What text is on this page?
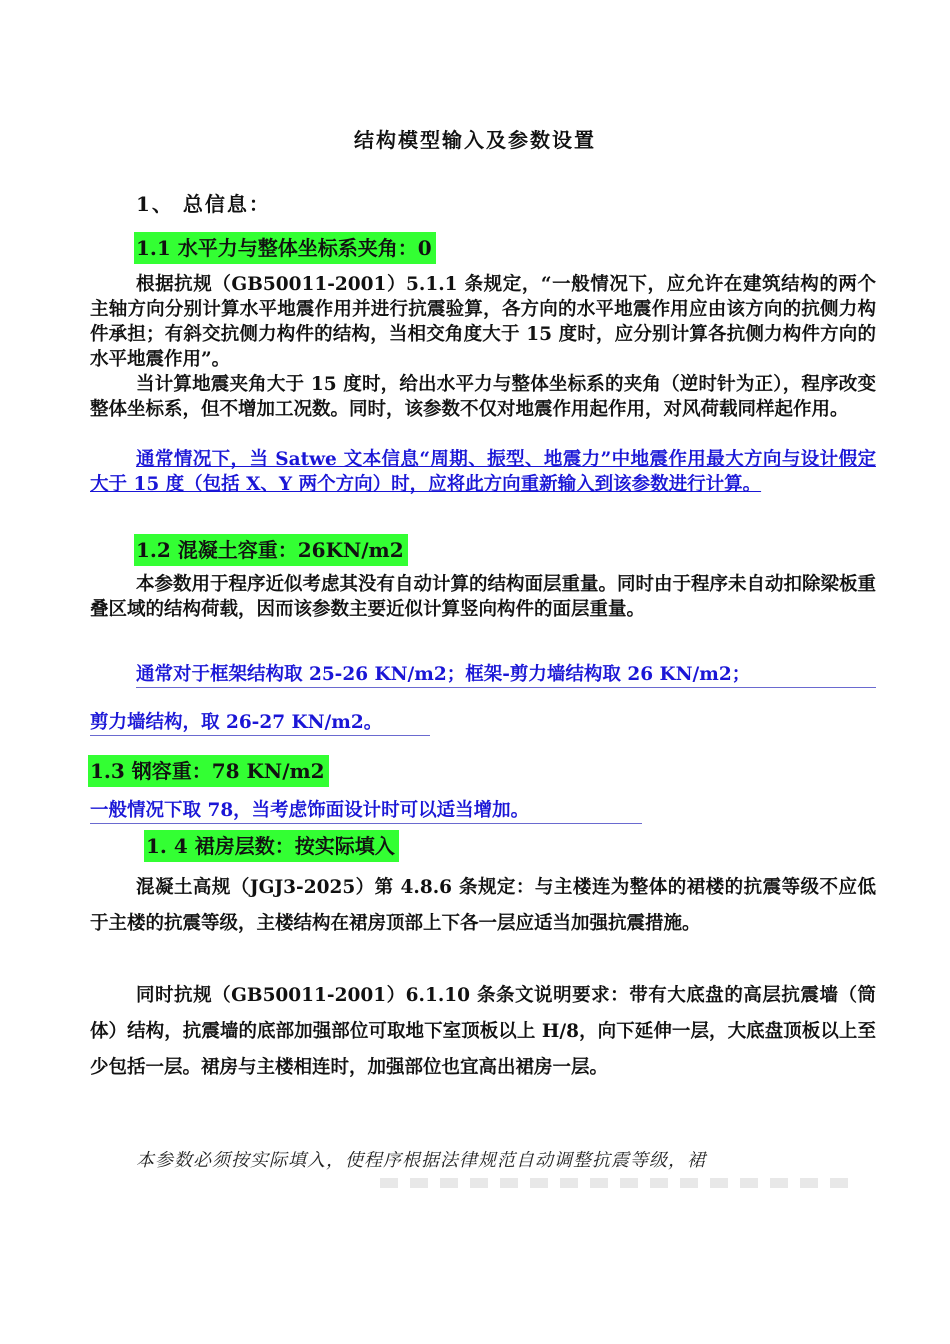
结构模型输入及参数设置
1、 总信息：
1.1 水平力与整体坐标系夹角：0

根据抗规（GB50011-2001）5.1.1 条规定，“一般情况下，应允许在建筑结构的两个主轴方向分别计算水平地震作用并进行抗震验算，各方向的水平地震作用应由该方向的抗侧力构件承担；有斜交抗侧力构件的结构，当相交角度大于 15 度时，应分别计算各抗侧力构件方向的水平地震作用”。

当计算地震夹角大于 15 度时，给出水平力与整体坐标系的夹角（逆时针为正），程序改变整体坐标系，但不增加工况数。同时，该参数不仅对地震作用起作用，对风荷载同样起作用。

通常情况下，当 Satwe 文本信息“周期、振型、地震力”中地震作用最大方向与设计假定大于 15 度（包括 X、Y 两个方向）时，应将此方向重新输入到该参数进行计算。

1.2 混凝土容重：26KN/m2

本参数用于程序近似考虑其没有自动计算的结构面层重量。同时由于程序未自动扣除梁板重叠区域的结构荷载，因而该参数主要近似计算竖向构件的面层重量。

通常对于框架结构取 25-26 KN/m2；框架-剪力墙结构取 26 KN/m2；
剪力墙结构，取 26-27 KN/m2。
1.3 钢容重：78 KN/m2
一般情况下取 78，当考虑饰面设计时可以适当增加。
1. 4 裙房层数：按实际填入

混凝土高规（JGJ3-2025）第 4.8.6 条规定：与主楼连为整体的裙楼的抗震等级不应低于主楼的抗震等级，主楼结构在裙房顶部上下各一层应适当加强抗震措施。

同时抗规（GB50011-2001）6.1.10 条条文说明要求：带有大底盘的高层抗震墙（筒体）结构，抗震墙的底部加强部位可取地下室顶板以上 H/8，向下延伸一层，大底盘顶板以上至少包括一层。裙房与主楼相连时，加强部位也宜高出裙房一层。

本参数必须按实际填入，使程序根据法律规范自动调整抗震等级，裙
